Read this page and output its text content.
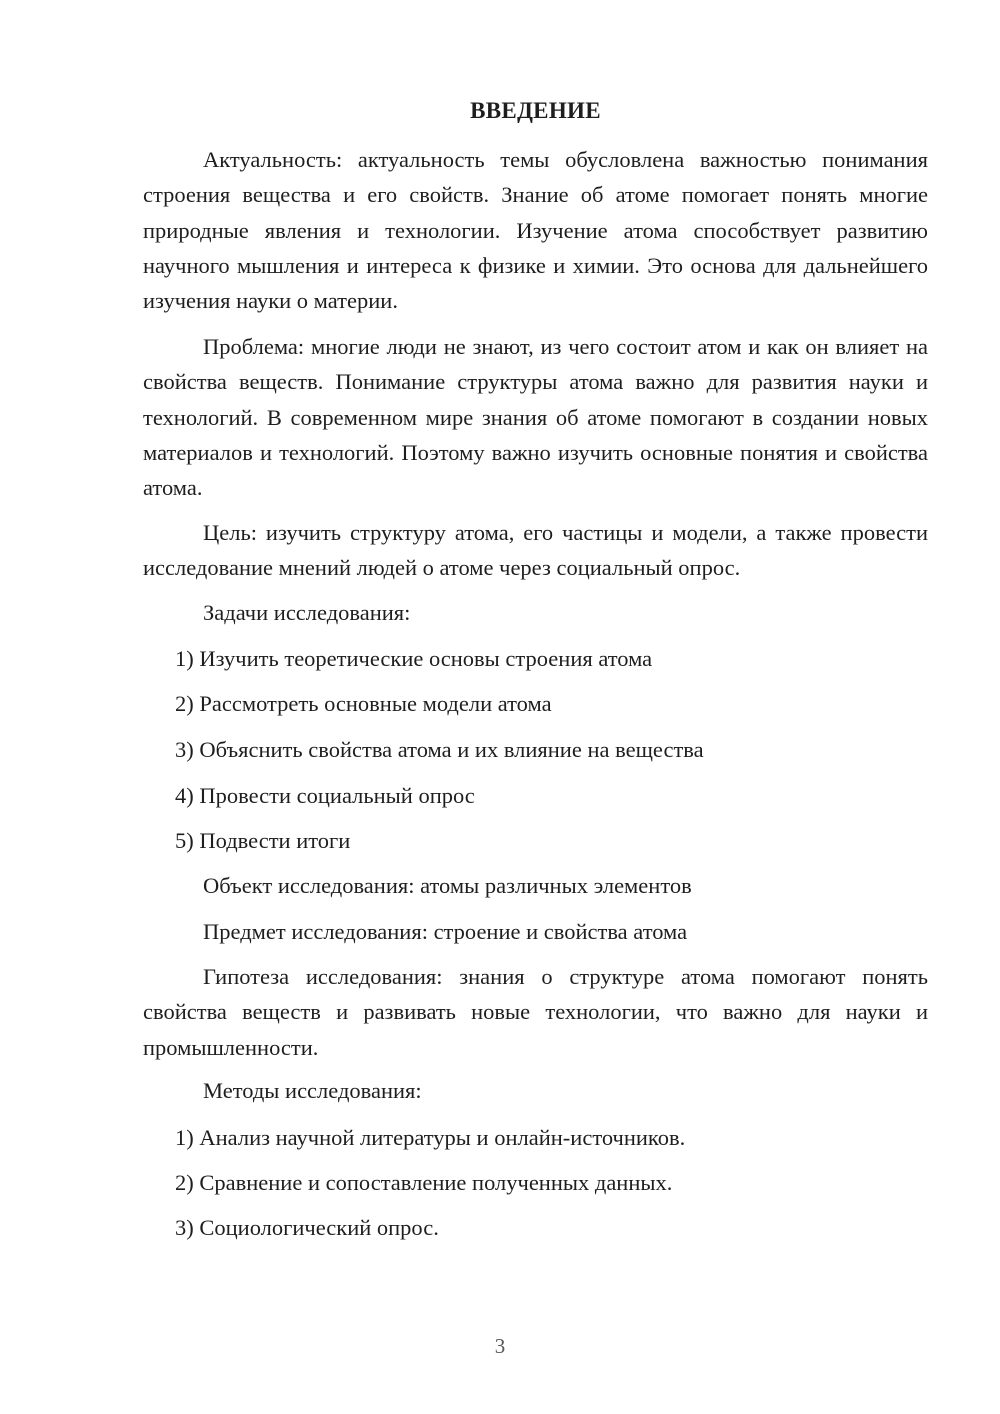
ВВЕДЕНИЕ

Актуальность: актуальность темы обусловлена важностью понимания строения вещества и его свойств. Знание об атоме помогает понять многие природные явления и технологии. Изучение атома способствует развитию научного мышления и интереса к физике и химии. Это основа для дальнейшего изучения науки о материи.

Проблема: многие люди не знают, из чего состоит атом и как он влияет на свойства веществ. Понимание структуры атома важно для развития науки и технологий. В современном мире знания об атоме помогают в создании новых материалов и технологий. Поэтому важно изучить основные понятия и свойства атома.

Цель: изучить структуру атома, его частицы и модели, а также провести исследование мнений людей о атоме через социальный опрос.

Задачи исследования:

1) Изучить теоретические основы строения атома

2) Рассмотреть основные модели атома

3) Объяснить свойства атома и их влияние на вещества

4) Провести социальный опрос

5) Подвести итоги

Объект исследования: атомы различных элементов

Предмет исследования: строение и свойства атома

Гипотеза исследования: знания о структуре атома помогают понять свойства веществ и развивать новые технологии, что важно для науки и промышленности.

Методы исследования:

1) Анализ научной литературы и онлайн-источников.

2) Сравнение и сопоставление полученных данных.

3) Социологический опрос.

3
